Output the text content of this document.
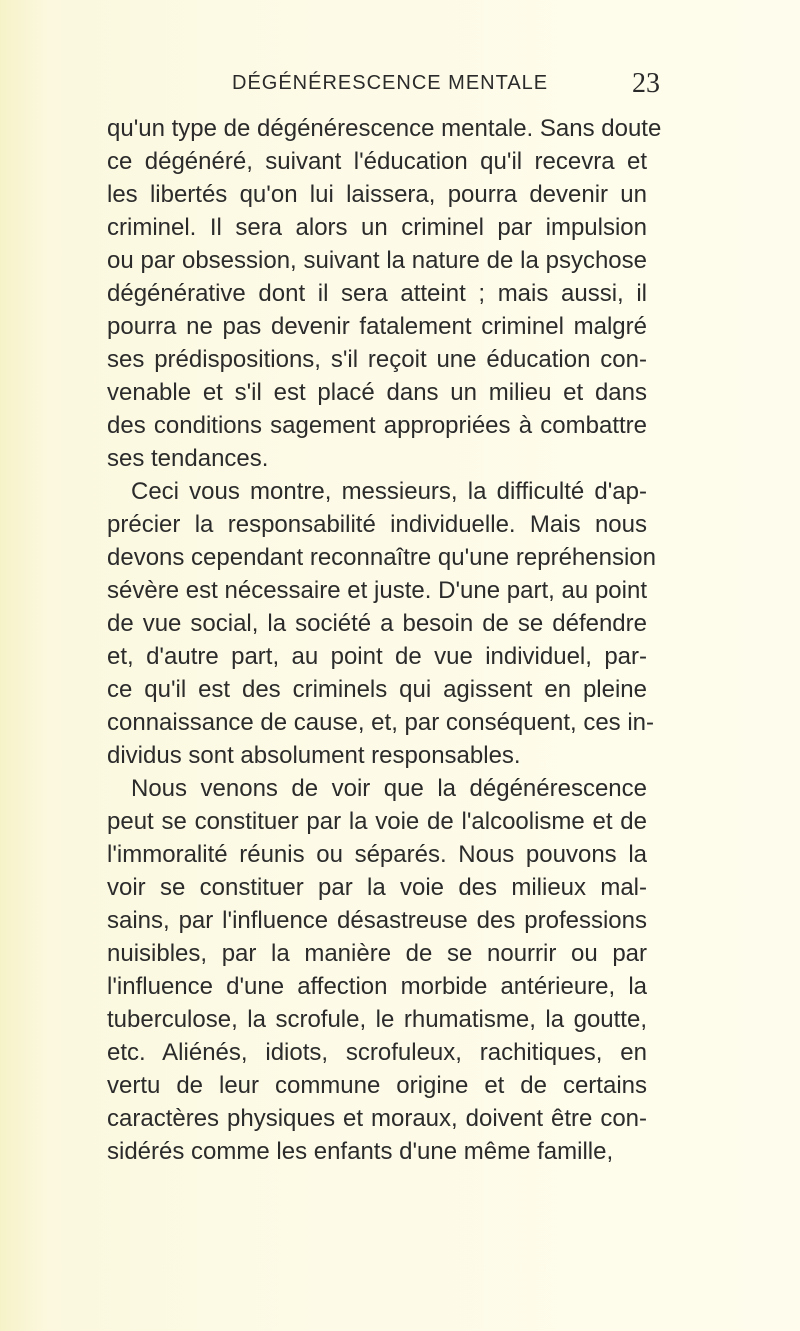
DÉGÉNÉRESCENCE MENTALE	23
qu'un type de dégénérescence mentale. Sans doute
ce dégénéré, suivant l'éducation qu'il recevra et
les libertés qu'on lui laissera, pourra devenir un
criminel. Il sera alors un criminel par impulsion
ou par obsession, suivant la nature de la psychose
dégénérative dont il sera atteint ; mais aussi, il
pourra ne pas devenir fatalement criminel malgré
ses prédispositions, s'il reçoit une éducation con-
venable et s'il est placé dans un milieu et dans
des conditions sagement appropriées à combattre
ses tendances.
Ceci vous montre, messieurs, la difficulté d'ap-
précier la responsabilité individuelle. Mais nous
devons cependant reconnaître qu'une repréhension
sévère est nécessaire et juste. D'une part, au point
de vue social, la société a besoin de se défendre
et, d'autre part, au point de vue individuel, par-
ce qu'il est des criminels qui agissent en pleine
connaissance de cause, et, par conséquent, ces in-
dividus sont absolument responsables.
Nous venons de voir que la dégénérescence
peut se constituer par la voie de l'alcoolisme et de
l'immoralité réunis ou séparés. Nous pouvons la
voir se constituer par la voie des milieux mal-
sains, par l'influence désastreuse des professions
nuisibles, par la manière de se nourrir ou par
l'influence d'une affection morbide antérieure, la
tuberculose, la scrofule, le rhumatisme, la goutte,
etc. Aliénés, idiots, scrofuleux, rachitiques, en
vertu de leur commune origine et de certains
caractères physiques et moraux, doivent être con-
sidérés comme les enfants d'une même famille,
